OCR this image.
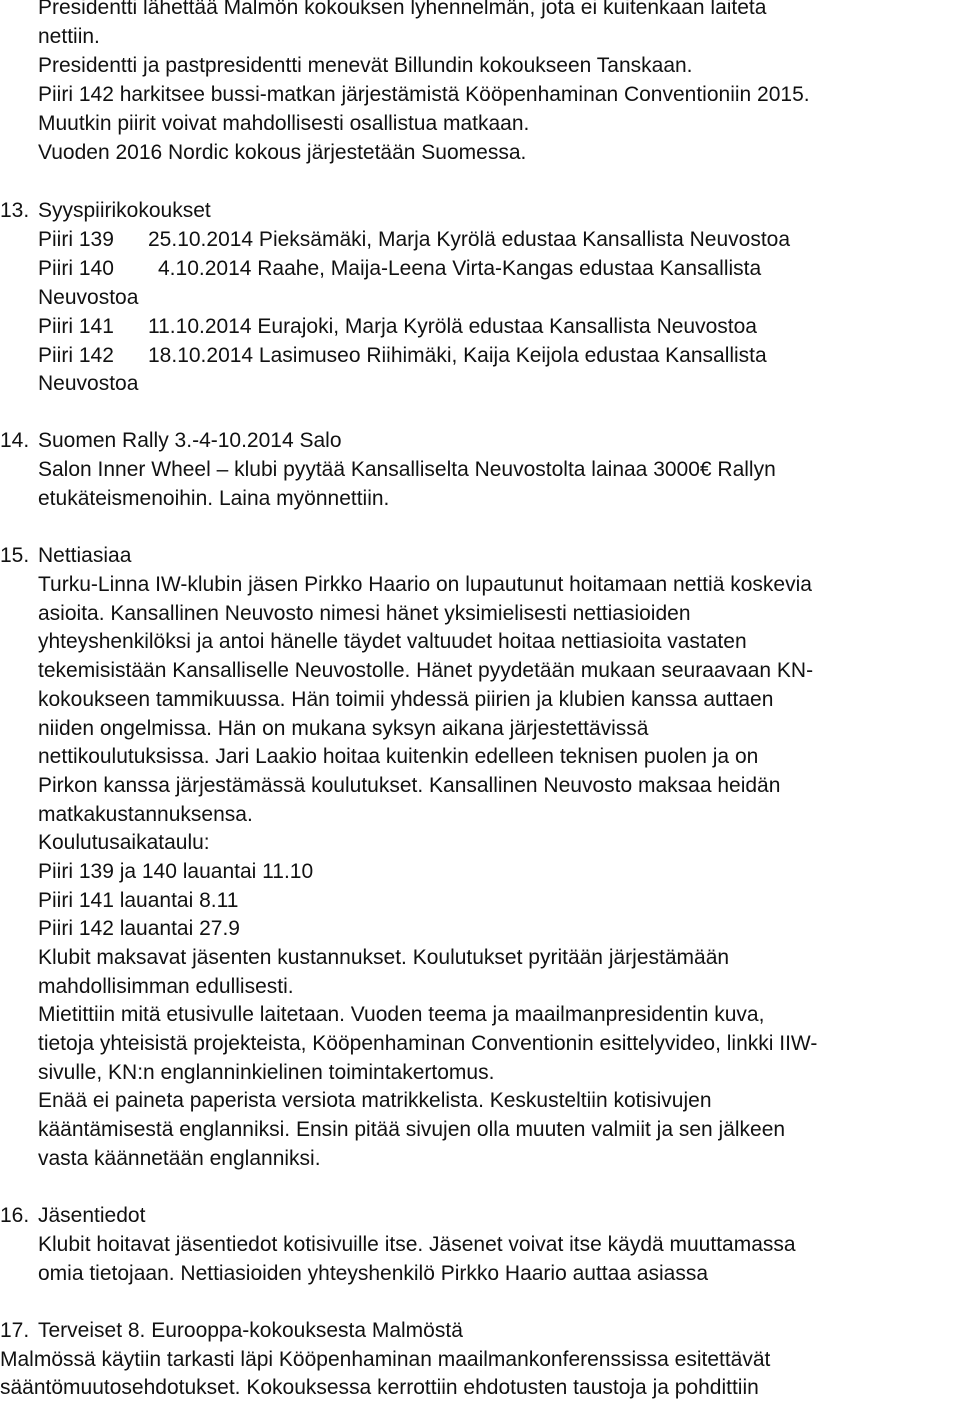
Presidentti lähettää Malmön kokouksen lyhennelmän, jota ei kuitenkaan laiteta
nettiin.
Presidentti ja pastpresidentti menevät Billundin kokoukseen Tanskaan.
Piiri 142 harkitsee bussi-matkan järjestämistä Kööpenhaminan Conventioniin 2015.
Muutkin piirit voivat mahdollisesti osallistua matkaan.
Vuoden 2016 Nordic kokous järjestetään Suomessa.
13. Syyspiirikokoukset
Piiri 139 25.10.2014 Pieksämäki, Marja Kyrölä edustaa Kansallista Neuvostoa
Piiri 140 4.10.2014 Raahe, Maija-Leena Virta-Kangas edustaa Kansallista
Neuvostoa
Piiri 141 11.10.2014 Eurajoki, Marja Kyrölä edustaa Kansallista Neuvostoa
Piiri 142 18.10.2014 Lasimuseo Riihimäki, Kaija Keijola edustaa Kansallista
Neuvostoa
14. Suomen Rally 3.-4-10.2014 Salo
Salon Inner Wheel – klubi pyytää Kansalliselta Neuvostolta lainaa 3000€ Rallyn
etukäteismenoihin. Laina myönnettiin.
15. Nettiasiaa
Turku-Linna IW-klubin jäsen Pirkko Haario on lupautunut hoitamaan nettiä koskevia
asioita. Kansallinen Neuvosto nimesi hänet yksimielisesti nettiasioiden
yhteyshenkilöksi ja antoi hänelle täydet valtuudet hoitaa nettiasioita vastaten
tekemisistään Kansalliselle Neuvostolle. Hänet pyydetään mukaan seuraavaan KN-
kokoukseen tammikuussa. Hän toimii yhdessä piirien ja klubien kanssa auttaen
niiden ongelmissa. Hän on mukana syksyn aikana järjestettävissä
nettikoulutuksissa. Jari Laakio hoitaa kuitenkin edelleen teknisen puolen ja on
Pirkon kanssa järjestämässä koulutukset. Kansallinen Neuvosto maksaa heidän
matkakustannuksensa.
Koulutusaikataulu:
Piiri 139 ja 140 lauantai 11.10
Piiri 141 lauantai 8.11
Piiri 142 lauantai 27.9
Klubit maksavat jäsenten kustannukset. Koulutukset pyritään järjestämään
mahdollisimman edullisesti.
Mietittiin mitä etusivulle laitetaan. Vuoden teema ja maailmanpresidentin kuva,
tietoja yhteisistä projekteista, Kööpenhaminan Conventionin esittelyvideo, linkki IIW-
sivulle, KN:n englanninkielinen toimintakertomus.
Enää ei paineta paperista versiota matrikkelista. Keskusteltiin kotisivujen
kääntämisestä englanniksi. Ensin pitää sivujen olla muuten valmiit ja sen jälkeen
vasta käännetään englanniksi.
16. Jäsentiedot
Klubit hoitavat jäsentiedot kotisivuille itse. Jäsenet voivat itse käydä muuttamassa
omia tietojaan. Nettiasioiden yhteyshenkilö Pirkko Haario auttaa asiassa
17. Terveiset 8. Eurooppa-kokouksesta Malmöstä
Malmössä käytiin tarkasti läpi Kööpenhaminan maailmankonferenssissa esitettävät
sääntömuutosehdotukset. Kokouksessa kerrottiin ehdotusten taustoja ja pohdittiin
